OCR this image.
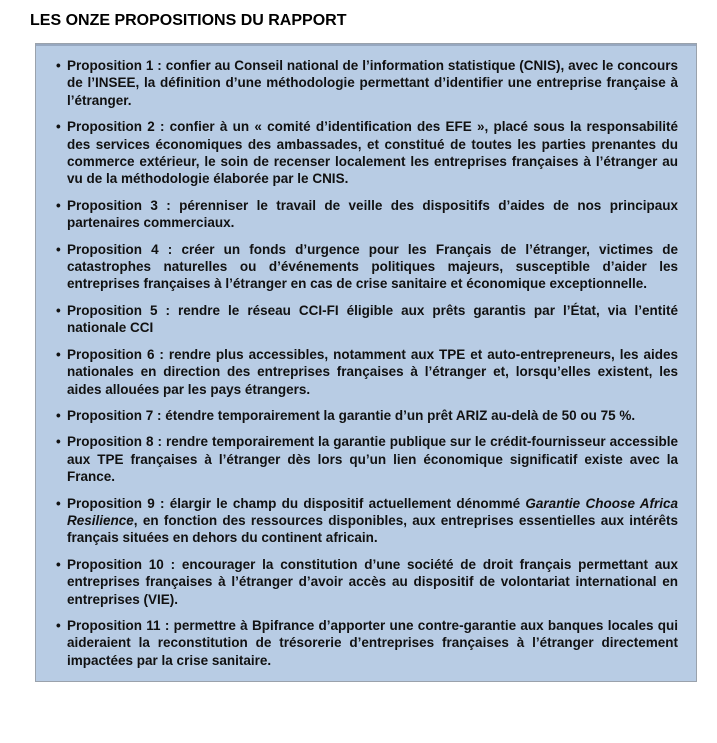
LES ONZE PROPOSITIONS DU RAPPORT
• Proposition 1 : confier au Conseil national de l’information statistique (CNIS), avec le concours de l’INSEE, la définition d’une méthodologie permettant d’identifier une entreprise française à l’étranger.
• Proposition 2 : confier à un « comité d’identification des EFE », placé sous la responsabilité des services économiques des ambassades, et constitué de toutes les parties prenantes du commerce extérieur, le soin de recenser localement les entreprises françaises à l’étranger au vu de la méthodologie élaborée par le CNIS.
• Proposition 3 : pérenniser le travail de veille des dispositifs d’aides de nos principaux partenaires commerciaux.
• Proposition 4 : créer un fonds d’urgence pour les Français de l’étranger, victimes de catastrophes naturelles ou d’événements politiques majeurs, susceptible d’aider les entreprises françaises à l’étranger en cas de crise sanitaire et économique exceptionnelle.
• Proposition 5 : rendre le réseau CCI-FI éligible aux prêts garantis par l’État, via l’entité nationale CCI
• Proposition 6 : rendre plus accessibles, notamment aux TPE et auto-entrepreneurs, les aides nationales en direction des entreprises françaises à l’étranger et, lorsqu’elles existent, les aides allouées par les pays étrangers.
• Proposition 7 : étendre temporairement la garantie d’un prêt ARIZ au-delà de 50 ou 75 %.
• Proposition 8 : rendre temporairement la garantie publique sur le crédit-fournisseur accessible aux TPE françaises à l’étranger dès lors qu’un lien économique significatif existe avec la France.
• Proposition 9 : élargir le champ du dispositif actuellement dénommé Garantie Choose Africa Resilience, en fonction des ressources disponibles, aux entreprises essentielles aux intérêts français situées en dehors du continent africain.
• Proposition 10 : encourager la constitution d’une société de droit français permettant aux entreprises françaises à l’étranger d’avoir accès au dispositif de volontariat international en entreprises (VIE).
• Proposition 11 : permettre à Bpifrance d’apporter une contre-garantie aux banques locales qui aideraient la reconstitution de trésorerie d’entreprises françaises à l’étranger directement impactées par la crise sanitaire.
